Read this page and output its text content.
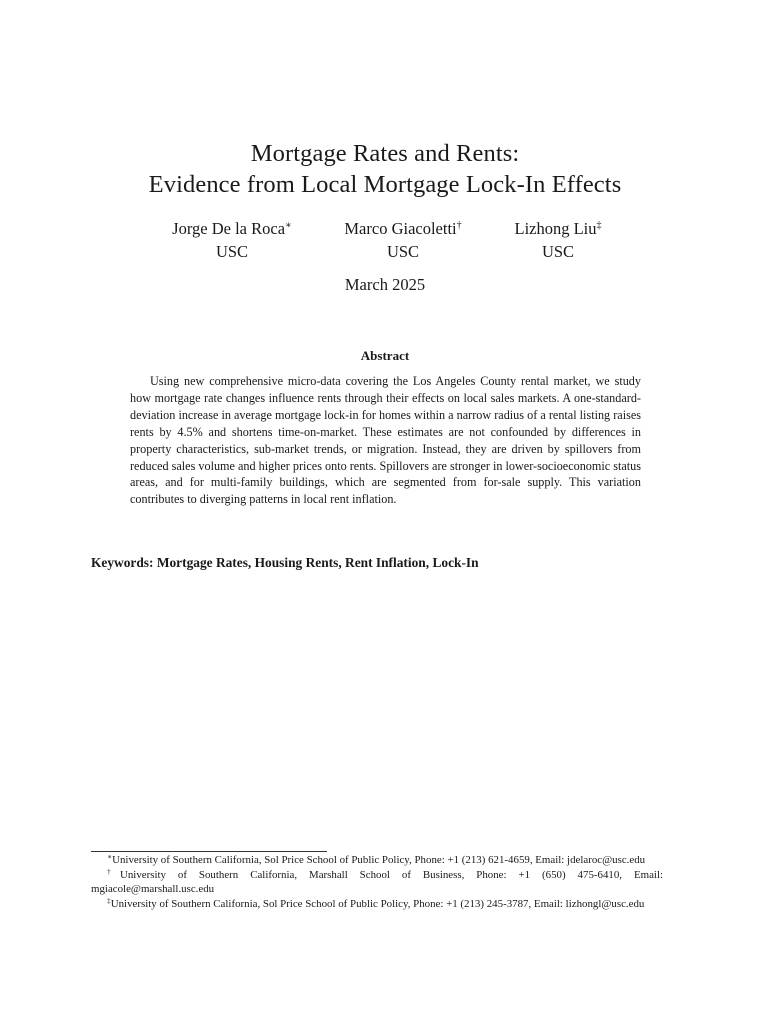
Mortgage Rates and Rents:
Evidence from Local Mortgage Lock-In Effects
Jorge De la Roca∗
USC
Marco Giacoletti†
USC
Lizhong Liu‡
USC
March 2025
Abstract

Using new comprehensive micro-data covering the Los Angeles County rental market, we study how mortgage rate changes influence rents through their effects on local sales markets. A one-standard-deviation increase in average mortgage lock-in for homes within a narrow radius of a rental listing raises rents by 4.5% and shortens time-on-market. These estimates are not confounded by differences in property characteristics, sub-market trends, or migration. Instead, they are driven by spillovers from reduced sales volume and higher prices onto rents. Spillovers are stronger in lower-socioeconomic status areas, and for multi-family buildings, which are segmented from for-sale supply. This variation contributes to diverging patterns in local rent inflation.

Keywords: Mortgage Rates, Housing Rents, Rent Inflation, Lock-In

∗University of Southern California, Sol Price School of Public Policy, Phone: +1 (213) 621-4659, Email: jdelaroc@usc.edu

†University of Southern California, Marshall School of Business, Phone: +1 (650) 475-6410, Email: mgiacole@marshall.usc.edu

‡University of Southern California, Sol Price School of Public Policy, Phone: +1 (213) 245-3787, Email: lizhongl@usc.edu
